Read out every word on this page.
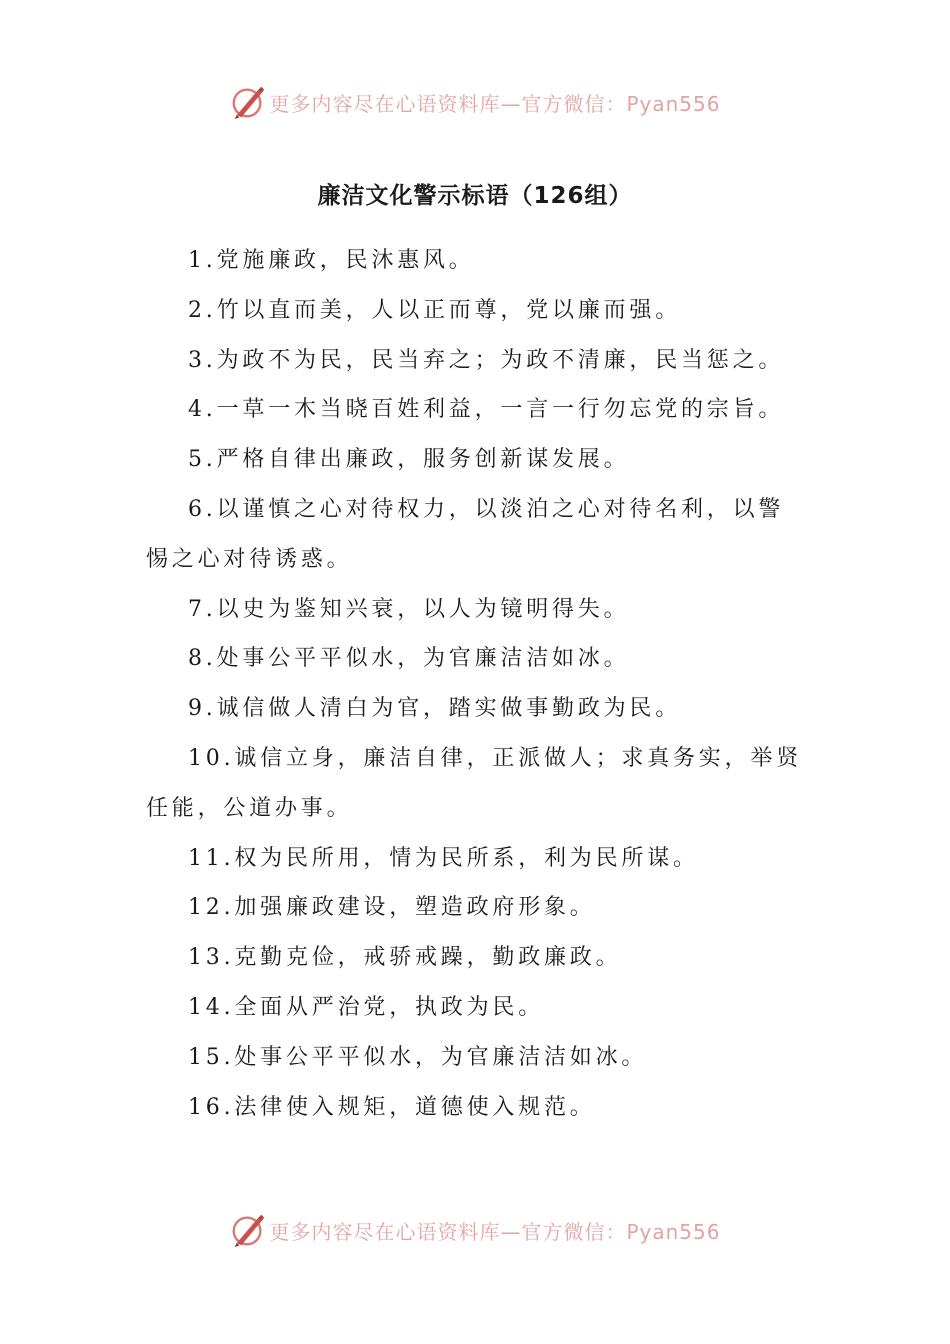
更多内容尽在心语资料库—官方微信：Pyan556
廉洁文化警示标语（126组）

1.党施廉政，民沐惠风。

2.竹以直而美，人以正而尊，党以廉而强。

3.为政不为民，民当弃之；为政不清廉，民当惩之。

4.一草一木当晓百姓利益，一言一行勿忘党的宗旨。

5.严格自律出廉政，服务创新谋发展。

6.以谨慎之心对待权力，以淡泊之心对待名利，以警惕之心对待诱惑。

7.以史为鉴知兴衰，以人为镜明得失。

8.处事公平平似水，为官廉洁洁如冰。

9.诚信做人清白为官，踏实做事勤政为民。

10.诚信立身，廉洁自律，正派做人；求真务实，举贤任能，公道办事。

11.权为民所用，情为民所系，利为民所谋。

12.加强廉政建设，塑造政府形象。

13.克勤克俭，戒骄戒躁，勤政廉政。

14.全面从严治党，执政为民。

15.处事公平平似水，为官廉洁洁如冰。

16.法律使入规矩，道德使入规范。

更多内容尽在心语资料库—官方微信：Pyan556
